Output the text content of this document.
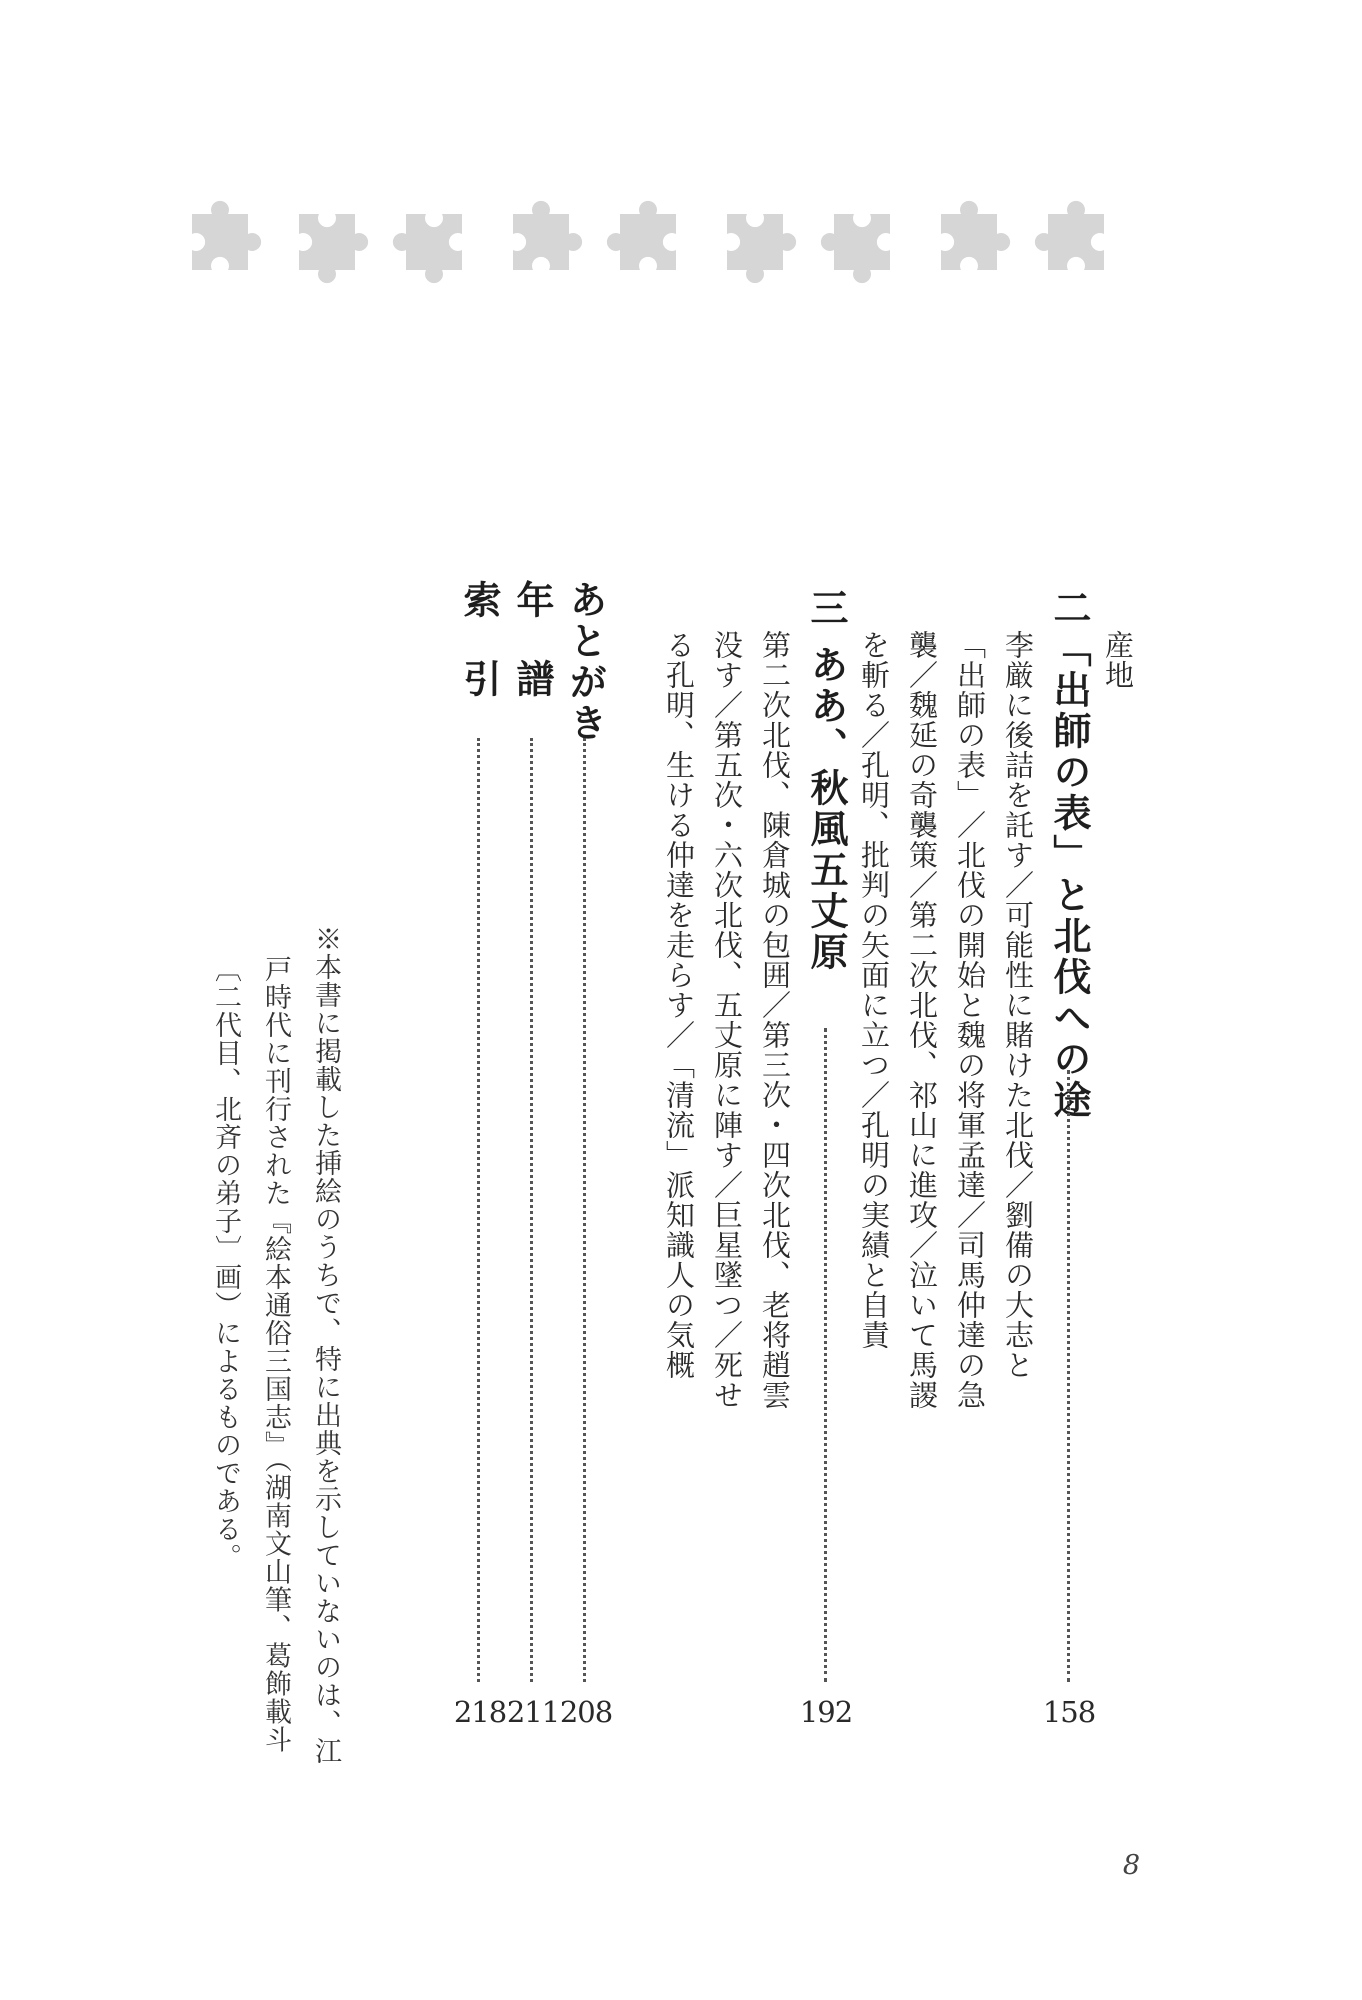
産地
二「出師の表」と北伐への途
158
李厳に後詰を託す／可能性に賭けた北伐／劉備の大志と
「出師の表」／北伐の開始と魏の将軍孟達／司馬仲達の急
襲／魏延の奇襲策／第二次北伐、祁山に進攻／泣いて馬謖
を斬る／孔明、批判の矢面に立つ／孔明の実績と自責
三 ああ、秋風五丈原
192
第二次北伐、陳倉城の包囲／第三次・四次北伐、老将趙雲
没す／第五次・六次北伐、五丈原に陣す／巨星墜つ／死せ
る孔明、生ける仲達を走らす／「清流」派知識人の気概
あとがき
208
年 譜
211
索 引
218
※本書に掲載した挿絵のうちで、特に出典を示していないのは、江
戸時代に刊行された『絵本通俗三国志』（湖南文山筆、葛飾載斗
〔二代目、北斉の弟子〕画）によるものである。
8
